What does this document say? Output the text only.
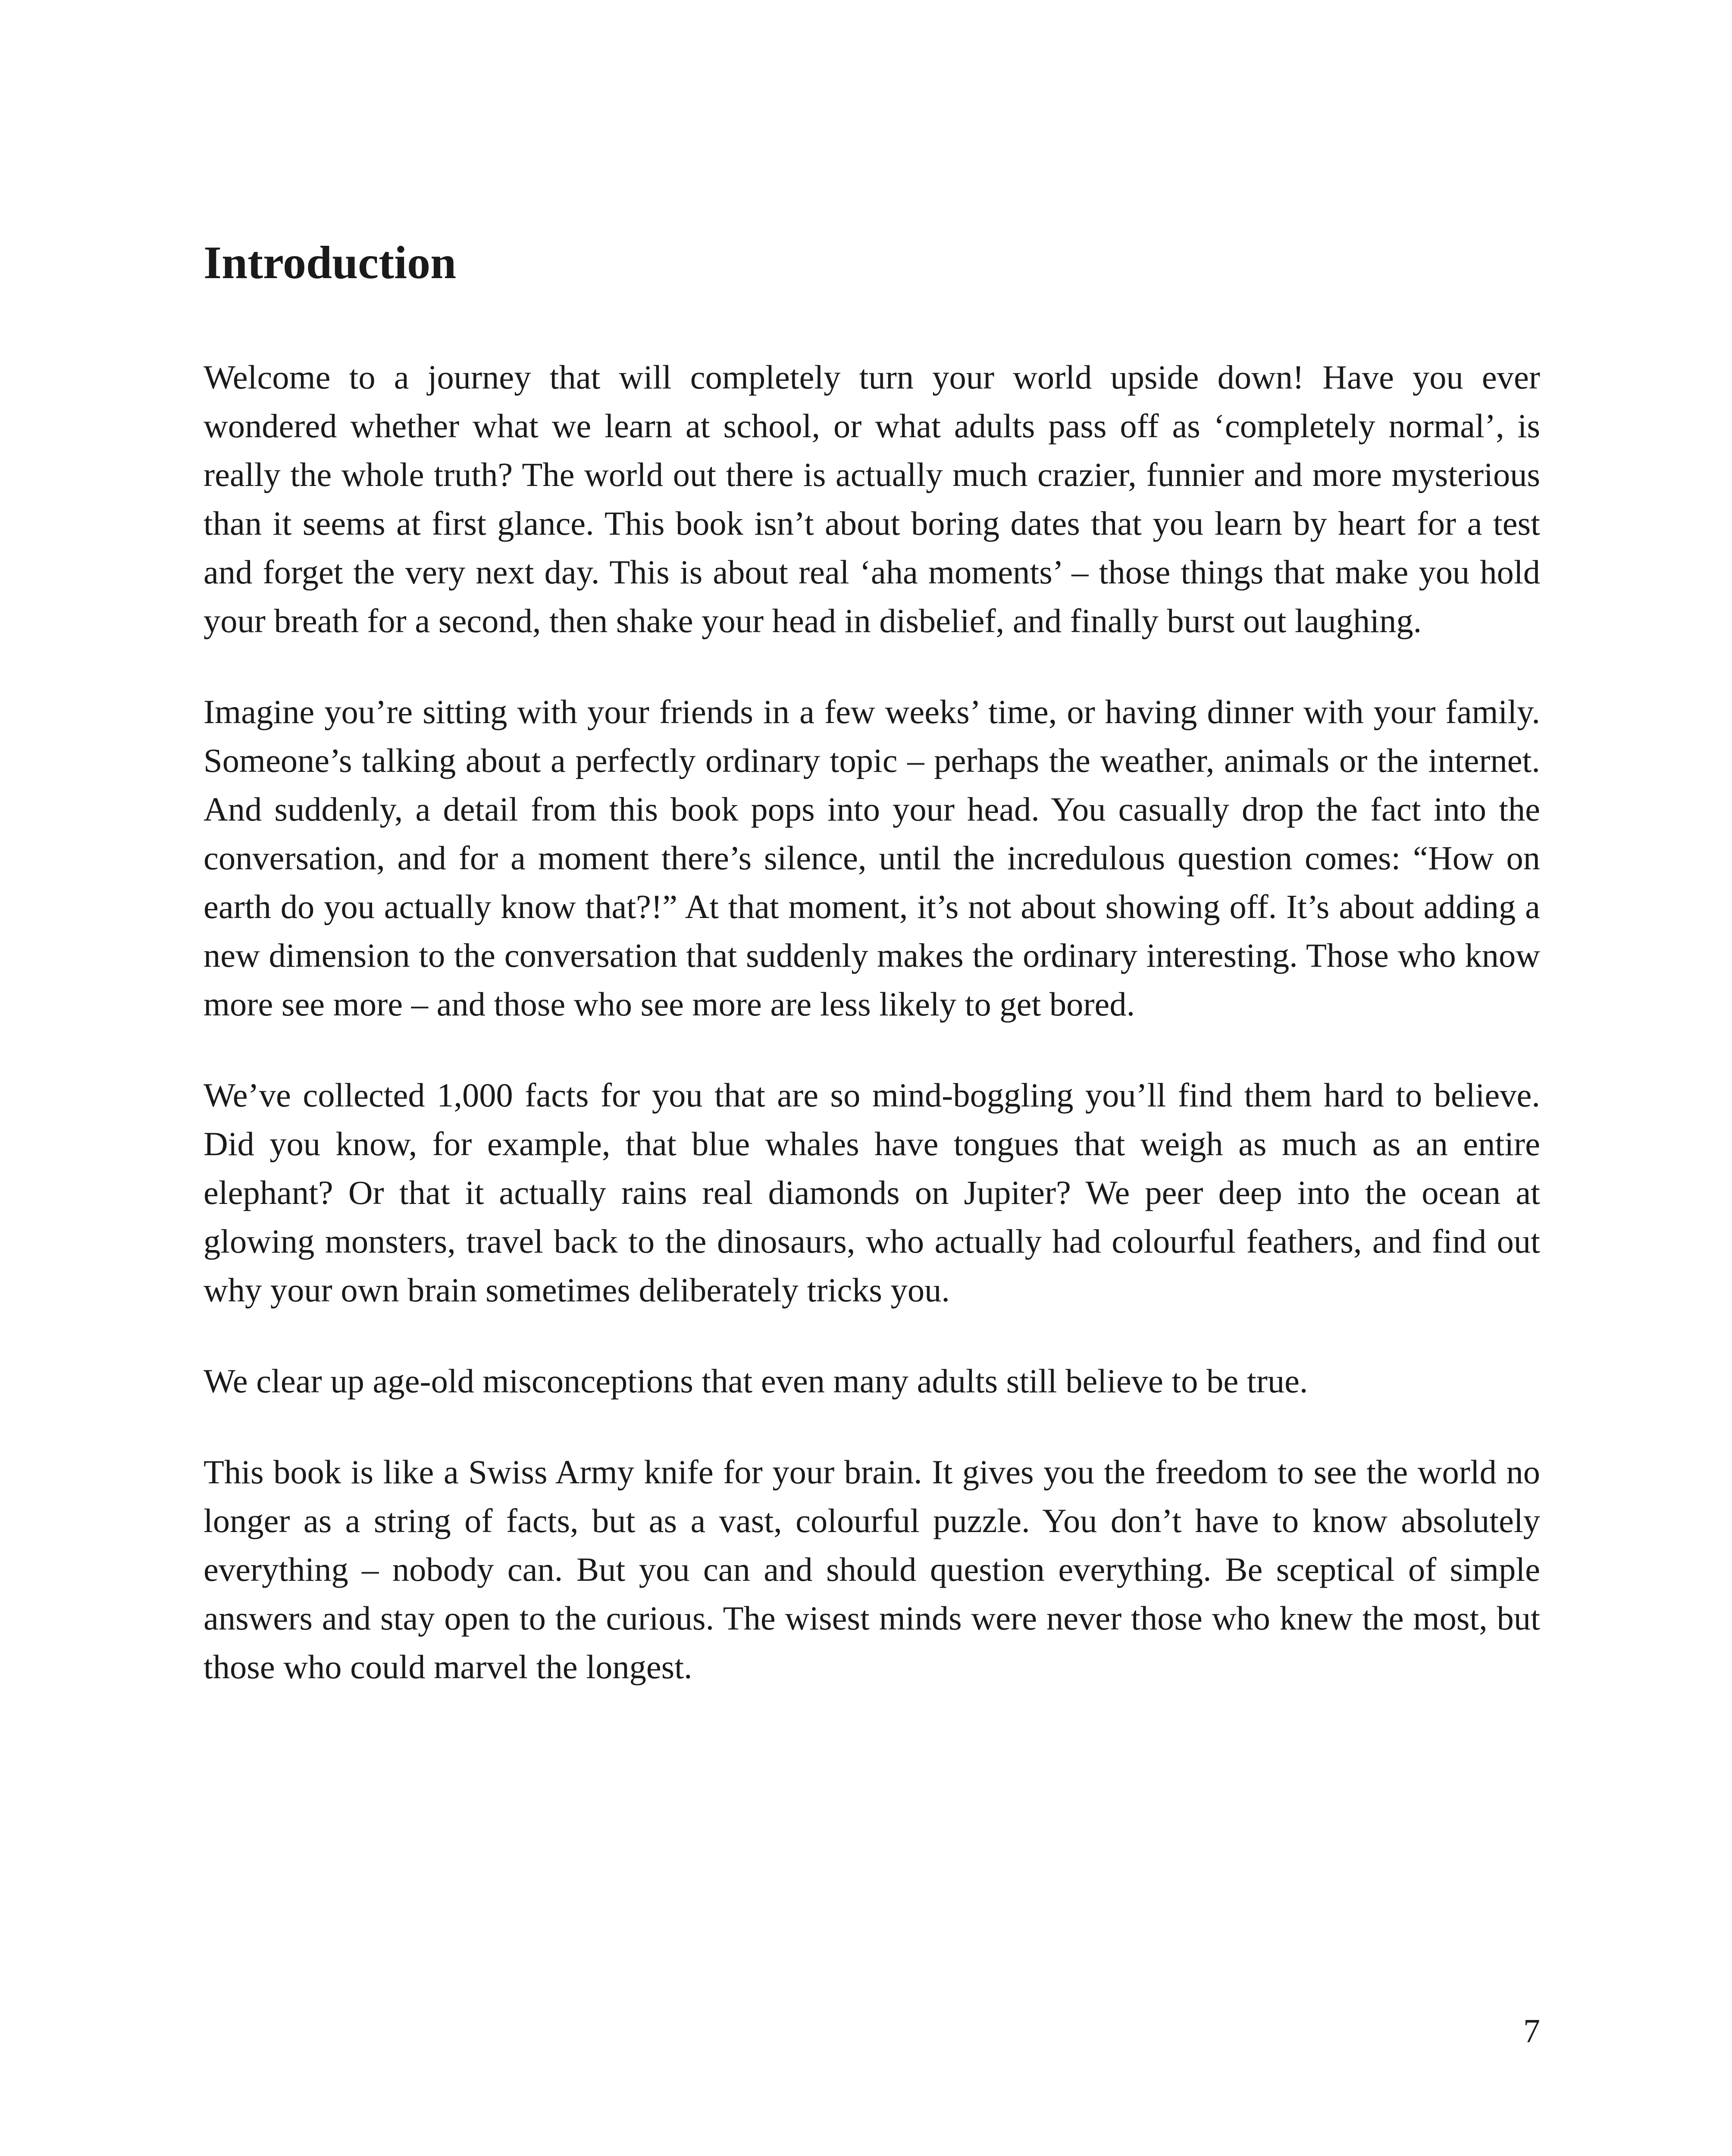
Introduction

Welcome to a journey that will completely turn your world upside down! Have you ever wondered whether what we learn at school, or what adults pass off as ‘completely normal’, is really the whole truth? The world out there is actually much crazier, funnier and more mysterious than it seems at first glance. This book isn’t about boring dates that you learn by heart for a test and forget the very next day. This is about real ‘aha moments’ – those things that make you hold your breath for a second, then shake your head in disbelief, and finally burst out laughing.

Imagine you’re sitting with your friends in a few weeks’ time, or having dinner with your family. Someone’s talking about a perfectly ordinary topic – perhaps the weather, animals or the internet. And suddenly, a detail from this book pops into your head. You casually drop the fact into the conversation, and for a moment there’s silence, until the incredulous question comes: “How on earth do you actually know that?!” At that moment, it’s not about showing off. It’s about adding a new dimension to the conversation that suddenly makes the ordinary interesting. Those who know more see more – and those who see more are less likely to get bored.

We’ve collected 1,000 facts for you that are so mind-boggling you’ll find them hard to believe. Did you know, for example, that blue whales have tongues that weigh as much as an entire elephant? Or that it actually rains real diamonds on Jupiter? We peer deep into the ocean at glowing monsters, travel back to the dinosaurs, who actually had colourful feathers, and find out why your own brain sometimes deliberately tricks you.

We clear up age-old misconceptions that even many adults still believe to be true.

This book is like a Swiss Army knife for your brain. It gives you the freedom to see the world no longer as a string of facts, but as a vast, colourful puzzle. You don’t have to know absolutely everything – nobody can. But you can and should question everything. Be sceptical of simple answers and stay open to the curious. The wisest minds were never those who knew the most, but those who could marvel the longest.

7
